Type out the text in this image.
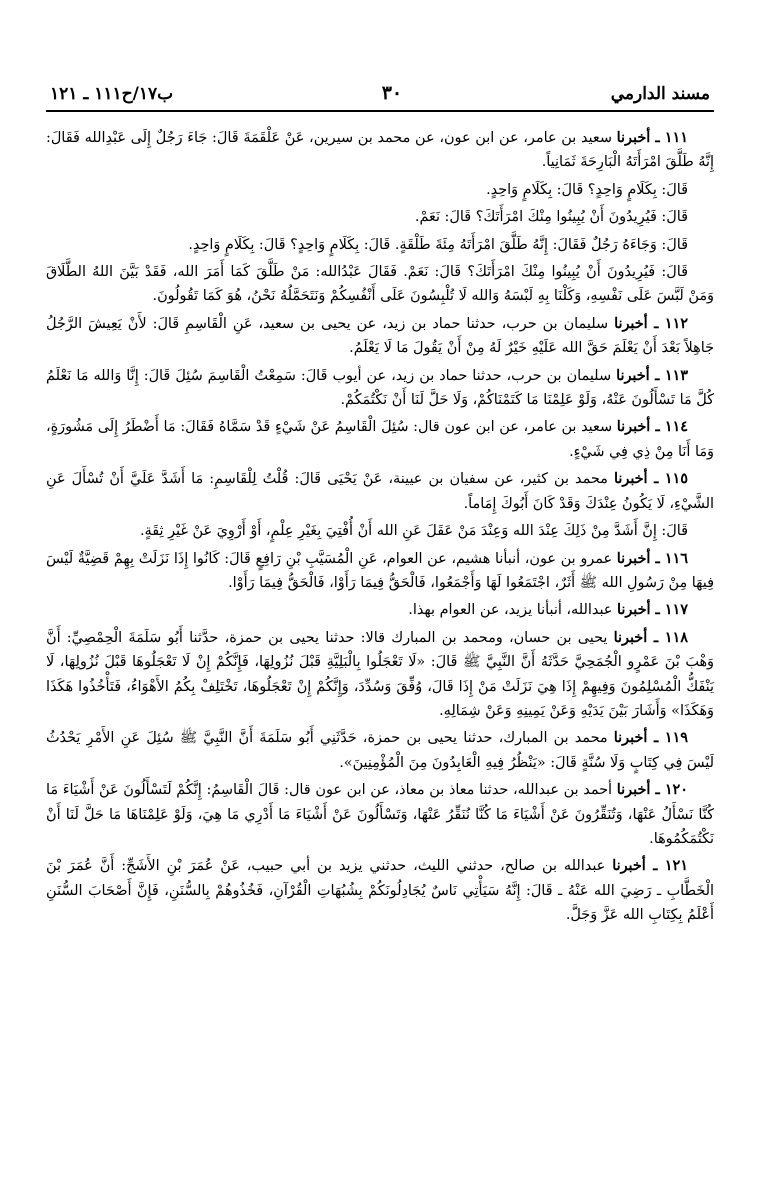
مسند الدارمي
٣٠
ب١٧/ح١١١ ـ ١٢١

١١١ ـ أخبرنا سعيد بن عامر، عن ابن عون، عن محمد بن سيرين، عَنْ عَلْقَمَةَ قَالَ: جَاءَ رَجُلٌ إِلَى عَبْدِالله فَقَالَ: إِنَّهُ طَلَّقَ امْرَأَتَهُ الْبَارِحَةَ ثَمَانِياً.

قَالَ: بِكَلَامٍ وَاحِدٍ؟ قَالَ: بِكَلَامٍ وَاحِدٍ.

قَالَ: فَيُرِيدُونَ أَنْ يُبِينُوا مِنْكَ امْرَأَتَكَ؟ قَالَ: نَعَمْ.

قَالَ: وَجَاءَهُ رَجُلٌ فَقَالَ: إِنَّهُ طَلَّقَ امْرَأَتَهُ مِئَةَ طَلْقَةٍ. قَالَ: بِكَلَامٍ وَاحِدٍ؟ قَالَ: بِكَلَامٍ وَاحِدٍ.

قَالَ: فَيُرِيدُونَ أَنْ يُبِينُوا مِنْكَ امْرَأَتَكَ؟ قَالَ: نَعَمْ. فَقَالَ عَبْدُالله: مَنْ طَلَّقَ كَمَا أَمَرَ الله، فَقَدْ بَيَّنَ اللهُ الطَّلَاقَ وَمَنْ لَبَّسَ عَلَى نَفْسِهِ، وَكَلْنَا بِهِ لَبْسَهُ وَالله لَا تُلْبِسُونَ عَلَى أَنْفُسِكُمْ وَنَتَحَمَّلُهُ نَحْنُ، هُوَ كَمَا تَقُولُونَ.

١١٢ ـ أخبرنا سليمان بن حرب، حدثنا حماد بن زيد، عن يحيى بن سعيد، عَنِ الْقَاسِمِ قَالَ: لأَنْ يَعِيشَ الرَّجُلُ جَاهِلاً بَعْدَ أَنْ يَعْلَمَ حَقَّ الله عَلَيْهِ خَيْرٌ لَهُ مِنْ أَنْ يَقُولَ مَا لَا يَعْلَمُ.

١١٣ ـ أخبرنا سليمان بن حرب، حدثنا حماد بن زيد، عن أيوب قَالَ: سَمِعْتُ الْقَاسِمَ سُئِلَ قَالَ: إِنَّا وَالله مَا نَعْلَمُ كُلَّ مَا تَسْأَلُونَ عَنْهُ، وَلَوْ عَلِمْنَا مَا كَتَمْنَاكُمْ، وَلَا حَلَّ لَنَا أَنْ نَكْتُمَكُمْ.

١١٤ ـ أخبرنا سعيد بن عامر، عن ابن عون قال: سُئِلَ الْقَاسِمُ عَنْ شَيْءٍ قَدْ سَمَّاهُ فَقَالَ: مَا أَضْطَرُ إِلَى مَشُورَةٍ، وَمَا أَنَا مِنْ ذِي فِي شَيْءٍ.

١١٥ ـ أخبرنا محمد بن كثير، عن سفيان بن عيينة، عَنْ يَحْيَى قَالَ: قُلْتُ لِلْقَاسِمِ: مَا أَشَدَّ عَلَيَّ أَنْ تُسْأَلَ عَنِ الشَّيْءِ، لَا يَكُونُ عِنْدَكَ وَقَدْ كَانَ أَبُوكَ إِمَاماً.

قَالَ: إِنَّ أَشَدَّ مِنْ ذَلِكَ عِنْدَ الله وَعِنْدَ مَنْ عَقَلَ عَنِ الله أَنْ أُفْتِيَ بِغَيْرِ عِلْمٍ، أَوْ أَرْوِيَ عَنْ غَيْرِ ثِقَةٍ.

١١٦ ـ أخبرنا عمرو بن عون، أنبأنا هشيم، عن العوام، عَنِ الْمُسَيَّبِ بْنِ رَافِعٍ قَالَ: كَانُوا إِذَا نَزَلَتْ بِهِمْ قَضِيَّةٌ لَيْسَ فِيهَا مِنْ رَسُولِ الله ﷺ أَثَرٌ، اجْتَمَعُوا لَهَا وَأَجْمَعُوا، فَالْحَقُّ فِيمَا رَأَوْا، فَالْحَقُّ فِيمَا رَأَوْا.

١١٧ ـ أخبرنا عبدالله، أنبأنا يزيد، عن العوام بهذا.

١١٨ ـ أخبرنا يحيى بن حسان، ومحمد بن المبارك قالا: حدثنا يحيى بن حمزة، حدَّثنا أَبُو سَلَمَةَ الْحِمْصِيِّ: أَنَّ وَهْبَ بْنَ عَمْرٍو الْجُمَحِيَّ حَدَّثَهُ أَنَّ النَّبِيَّ ﷺ قَالَ: «لَا تَعْجَلُوا بِالْبَلِيَّةِ قَبْلَ نُزُولِهَا، فَإِنَّكُمْ إِنْ لَا تَعْجَلُوهَا قَبْلَ نُزُولِهَا، لَا يَنْفَكُّ الْمُسْلِمُونَ وَفِيهِمْ إِذَا هِيَ نَزَلَتْ مَنْ إِذَا قَالَ، وُفِّقَ وَسُدِّدَ، وَإِنَّكُمْ إِنْ تَعْجَلُوهَا، تَخْتَلِفْ بِكُمُ الأَهْوَاءُ، فَتَأْخُذُوا هَكَذَا وَهَكَذَا» وَأَشَارَ بَيْنَ يَدَيْهِ وَعَنْ يَمِينِهِ وَعَنْ شِمَالِهِ.

١١٩ ـ أخبرنا محمد بن المبارك، حدثنا يحيى بن حمزة، حَدَّثَنِي أَبُو سَلَمَةَ أَنَّ النَّبِيَّ ﷺ سُئِلَ عَنِ الأَمْرِ يَحْدُثُ لَيْسَ فِي كِتَابٍ وَلَا سُنَّةٍ قَالَ: «يَنْظُرُ فِيهِ الْعَابِدُونَ مِنَ الْمُؤْمِنِينَ».

١٢٠ ـ أخبرنا أحمد بن عبدالله، حدثنا معاذ بن معاذ، عن ابن عون قال: قَالَ الْقَاسِمُ: إِنَّكُمْ لَتَسْأَلُونَ عَنْ أَشْيَاءَ مَا كُنَّا نَسْأَلُ عَنْهَا، وَتُنَقِّرُونَ عَنْ أَشْيَاءَ مَا كُنَّا نُنَقِّرُ عَنْهَا، وَتَسْأَلُونَ عَنْ أَشْيَاءَ مَا أَدْرِي مَا هِيَ، وَلَوْ عَلِمْنَاهَا مَا حَلَّ لَنَا أَنْ نَكْتُمَكُمُوهَا.

١٢١ ـ أخبرنا عبدالله بن صالح، حدثني الليث، حدثني يزيد بن أبي حبيب، عَنْ عُمَرَ بْنِ الأَشَجِّ: أَنَّ عُمَرَ بْنَ الْخَطَّابِ ـ رَضِيَ الله عَنْهُ ـ قَالَ: إِنَّهُ سَيَأْتِي نَاسٌ يُجَادِلُونَكُمْ بِشُبُهَاتِ الْقُرْآنِ، فَخُذُوهُمْ بِالسُّنَنِ، فَإِنَّ أَصْحَابَ السُّنَنِ أَعْلَمُ بِكِتَابِ الله عَزَّ وَجَلَّ.
